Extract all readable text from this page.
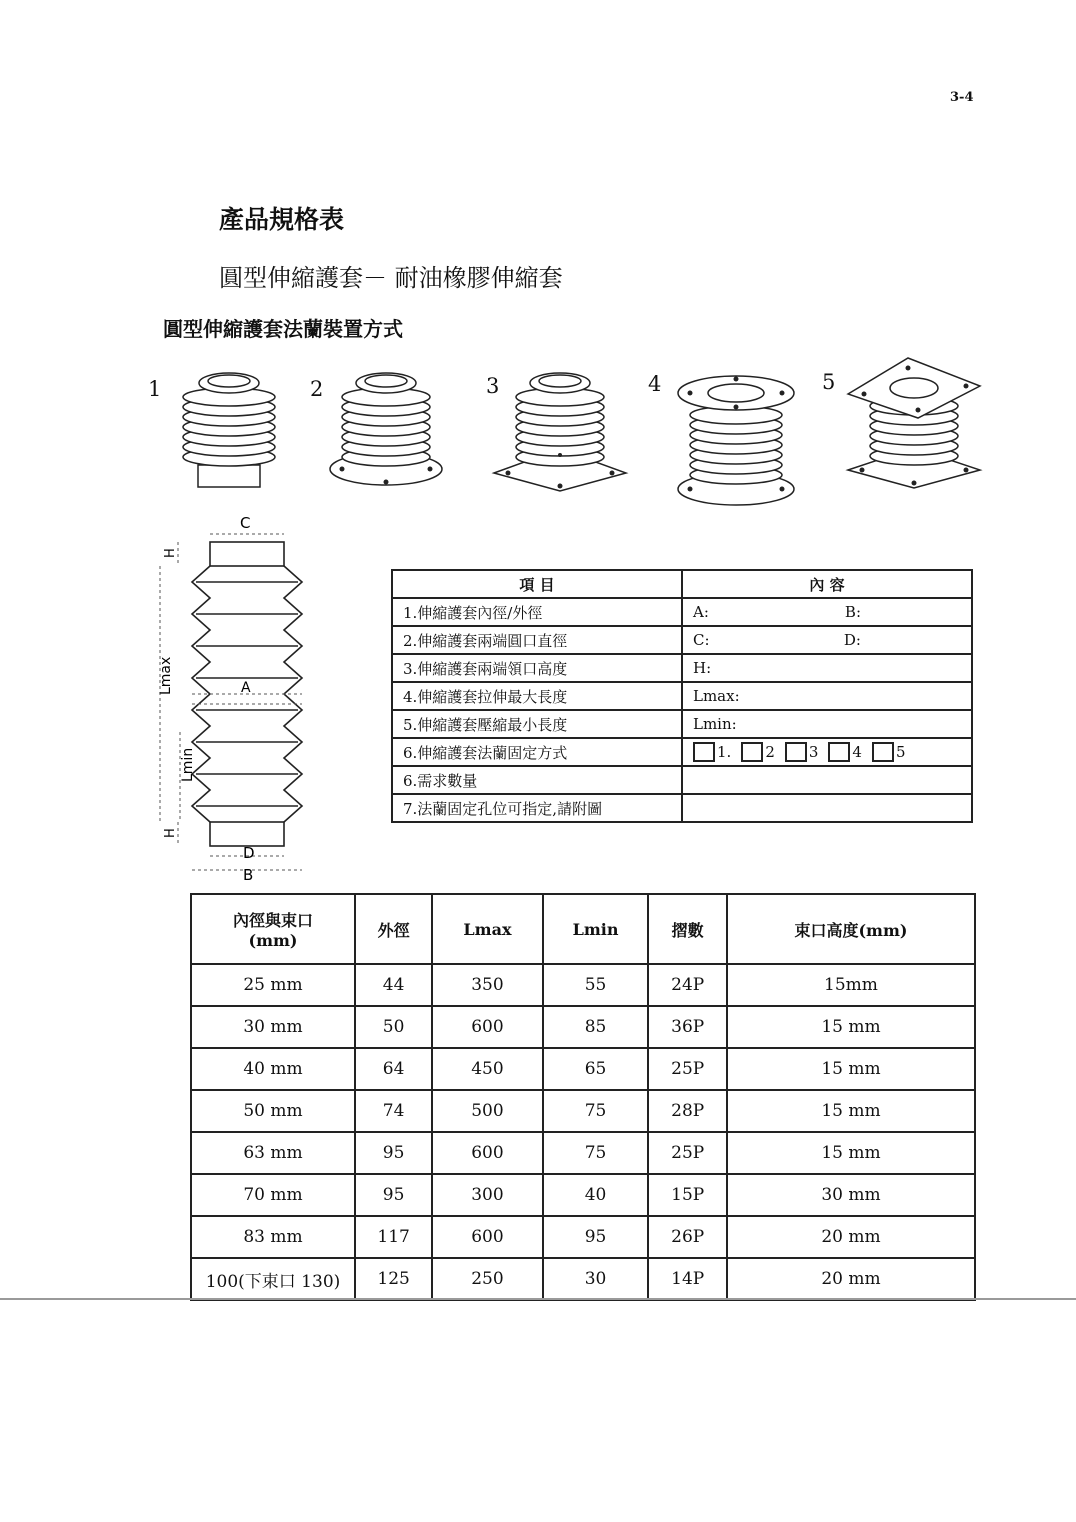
3-4
產品規格表
圓型伸縮護套－ 耐油橡膠伸縮套
圓型伸縮護套法蘭裝置方式
1	2	3	4	5
C
H
Lmax	A
Lmin
H
D
B
項 目	內 容
1.伸縮護套內徑/外徑	A: B:

2.伸縮護套兩端圓口直徑	C: D:

3.伸縮護套兩端領口高度	H:
4.伸縮護套拉伸最大長度	Lmax:
5.伸縮護套壓縮最小長度	Lmin:
6.伸縮護套法蘭固定方式	1. 2 3 4 5

6.需求數量	
7.法蘭固定孔位可指定,請附圖	
內徑與束口
(mm)	外徑	Lmax	Lmin	摺數	束口高度(mm)
25 mm	44	350	55	24P	15mm
30 mm	50	600	85	36P	15 mm
40 mm	64	450	65	25P	15 mm
50 mm	74	500	75	28P	15 mm
63 mm	95	600	75	25P	15 mm
70 mm	95	300	40	15P	30 mm
83 mm	117	600	95	26P	20 mm
100(下束口 130)	125	250	30	14P	20 mm
